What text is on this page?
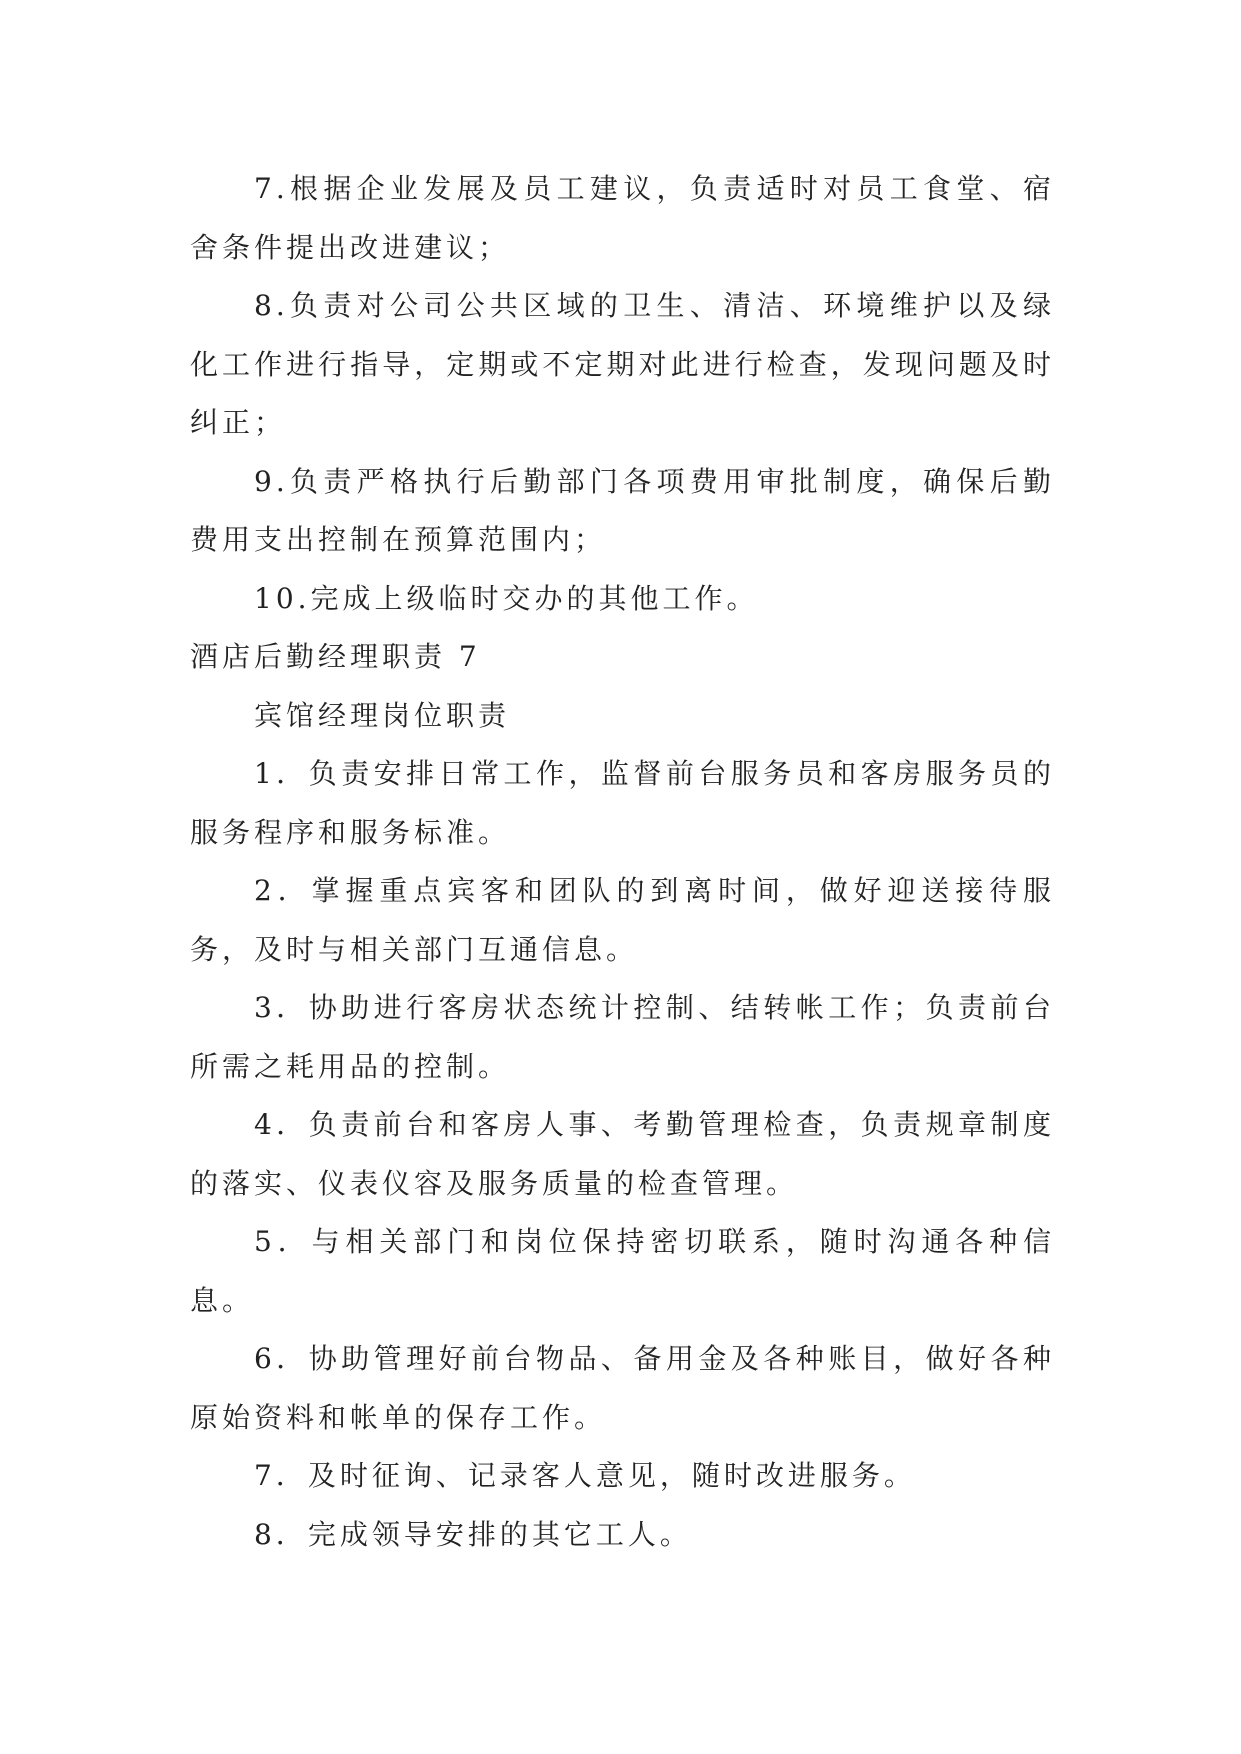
7.根据企业发展及员工建议，负责适时对员工食堂、宿舍条件提出改进建议；

8.负责对公司公共区域的卫生、清洁、环境维护以及绿化工作进行指导，定期或不定期对此进行检查，发现问题及时纠正；

9.负责严格执行后勤部门各项费用审批制度，确保后勤费用支出控制在预算范围内；

10.完成上级临时交办的其他工作。

酒店后勤经理职责 7

宾馆经理岗位职责

1．负责安排日常工作，监督前台服务员和客房服务员的服务程序和服务标准。

2．掌握重点宾客和团队的到离时间，做好迎送接待服务，及时与相关部门互通信息。

3．协助进行客房状态统计控制、结转帐工作；负责前台所需之耗用品的控制。

4．负责前台和客房人事、考勤管理检查，负责规章制度的落实、仪表仪容及服务质量的检查管理。

5．与相关部门和岗位保持密切联系，随时沟通各种信息。

6．协助管理好前台物品、备用金及各种账目，做好各种原始资料和帐单的保存工作。

7．及时征询、记录客人意见，随时改进服务。

8．完成领导安排的其它工人。
